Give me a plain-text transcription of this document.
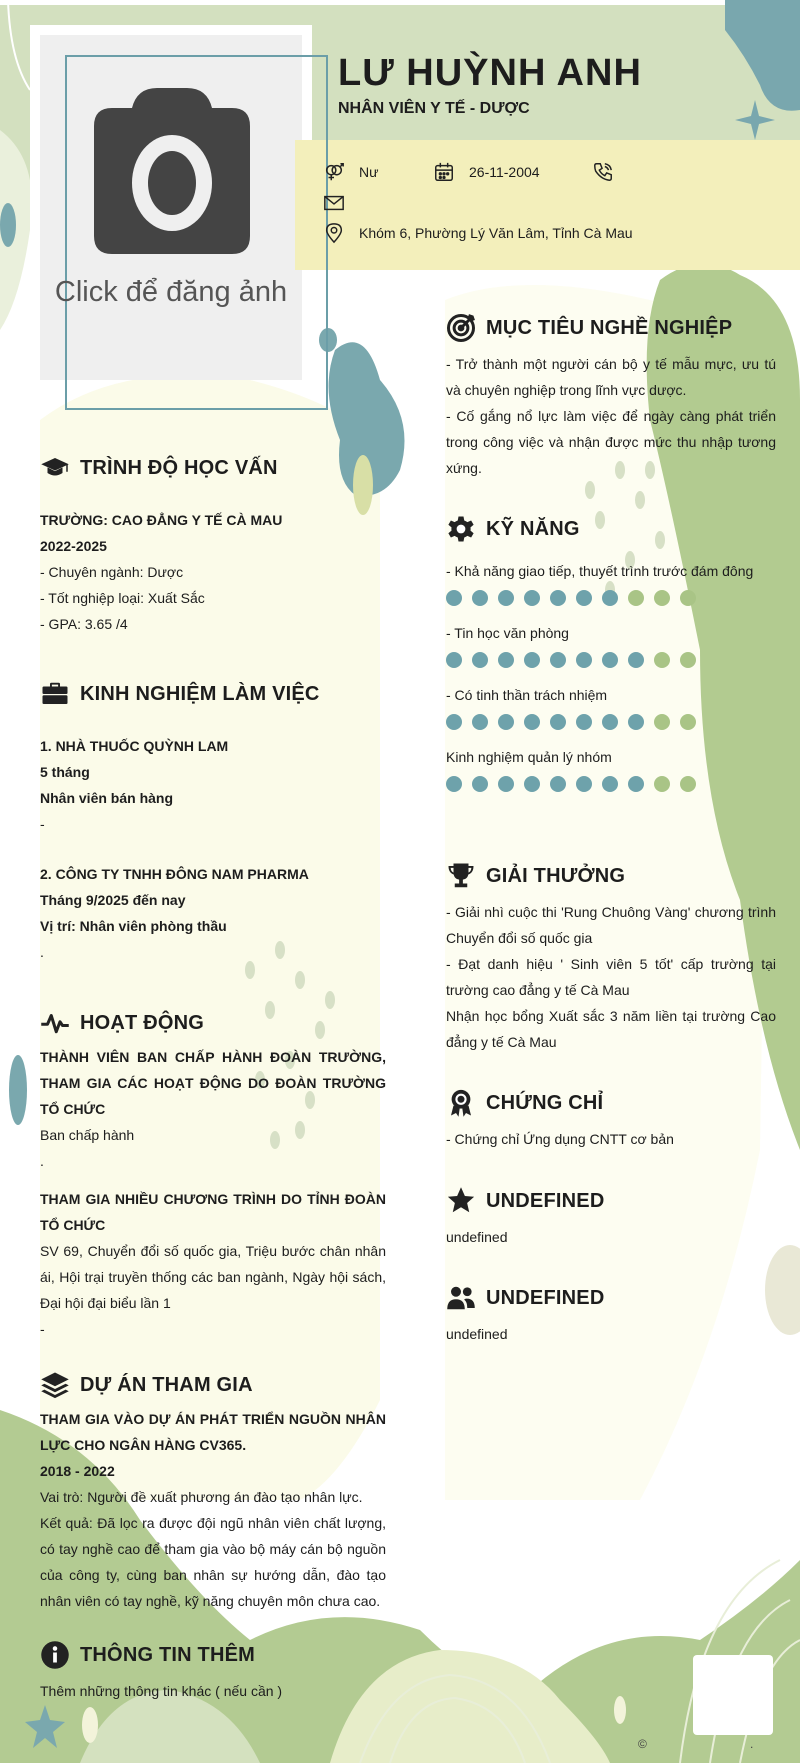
Click để đăng ảnh
LƯ HUỲNH ANH
NHÂN VIÊN Y TẾ - DƯỢC
Nư	26-11-2004
Khóm 6, Phường Lý Văn Lâm, Tỉnh Cà Mau
TRÌNH ĐỘ HỌC VẤN
TRƯỜNG: CAO ĐẲNG Y TẾ CÀ MAU
2022-2025
- Chuyên ngành: Dược
- Tốt nghiệp loại: Xuất Sắc
- GPA: 3.65 /4
KINH NGHIỆM LÀM VIỆC
1. NHÀ THUỐC QUỲNH LAM
5 tháng
Nhân viên bán hàng
-
2. CÔNG TY TNHH ĐÔNG NAM PHARMA
Tháng 9/2025 đến nay
Vị trí: Nhân viên phòng thầu
.
HOẠT ĐỘNG
THÀNH VIÊN BAN CHẤP HÀNH ĐOÀN TRƯỜNG, THAM GIA CÁC HOẠT ĐỘNG DO ĐOÀN TRƯỜNG TỔ CHỨC
Ban chấp hành
.
THAM GIA NHIỀU CHƯƠNG TRÌNH DO TỈNH ĐOÀN TỔ CHỨC
SV 69, Chuyển đổi số quốc gia, Triệu bước chân nhân ái, Hội trại truyền thống các ban ngành, Ngày hội sách, Đại hội đại biểu lần 1
-
DỰ ÁN THAM GIA
THAM GIA VÀO DỰ ÁN PHÁT TRIỂN NGUỒN NHÂN LỰC CHO NGÂN HÀNG CV365.
2018 - 2022
Vai trò: Người đề xuất phương án đào tạo nhân lực.
Kết quả: Đã lọc ra được đội ngũ nhân viên chất lượng, có tay nghề cao để tham gia vào bộ máy cán bộ nguồn của công ty, cùng ban nhân sự hướng dẫn, đào tạo nhân viên có tay nghề, kỹ năng chuyên môn chưa cao.
THÔNG TIN THÊM
Thêm những thông tin khác ( nếu cần )
MỤC TIÊU NGHỀ NGHIỆP
- Trở thành một người cán bộ y tế mẫu mực, ưu tú và chuyên nghiệp trong lĩnh vực dược.
- Cố gắng nổ lực làm việc để ngày càng phát triển trong công việc và nhận được mức thu nhập tương xứng.
KỸ NĂNG
- Khả năng giao tiếp, thuyết trình trước đám đông
- Tin học văn phòng
- Có tinh thần trách nhiệm
Kinh nghiệm quản lý nhóm
GIẢI THƯỞNG
- Giải nhì cuộc thi 'Rung Chuông Vàng' chương trình Chuyển đổi số quốc gia
- Đạt danh hiệu ' Sinh viên 5 tốt' cấp trường tại trường cao đẳng y tế Cà Mau
Nhận học bổng Xuất sắc 3 năm liền tại trường Cao đẳng y tế Cà Mau
CHỨNG CHỈ
- Chứng chỉ Ứng dụng CNTT cơ bản
UNDEFINED
undefined
UNDEFINED
undefined
©	.
